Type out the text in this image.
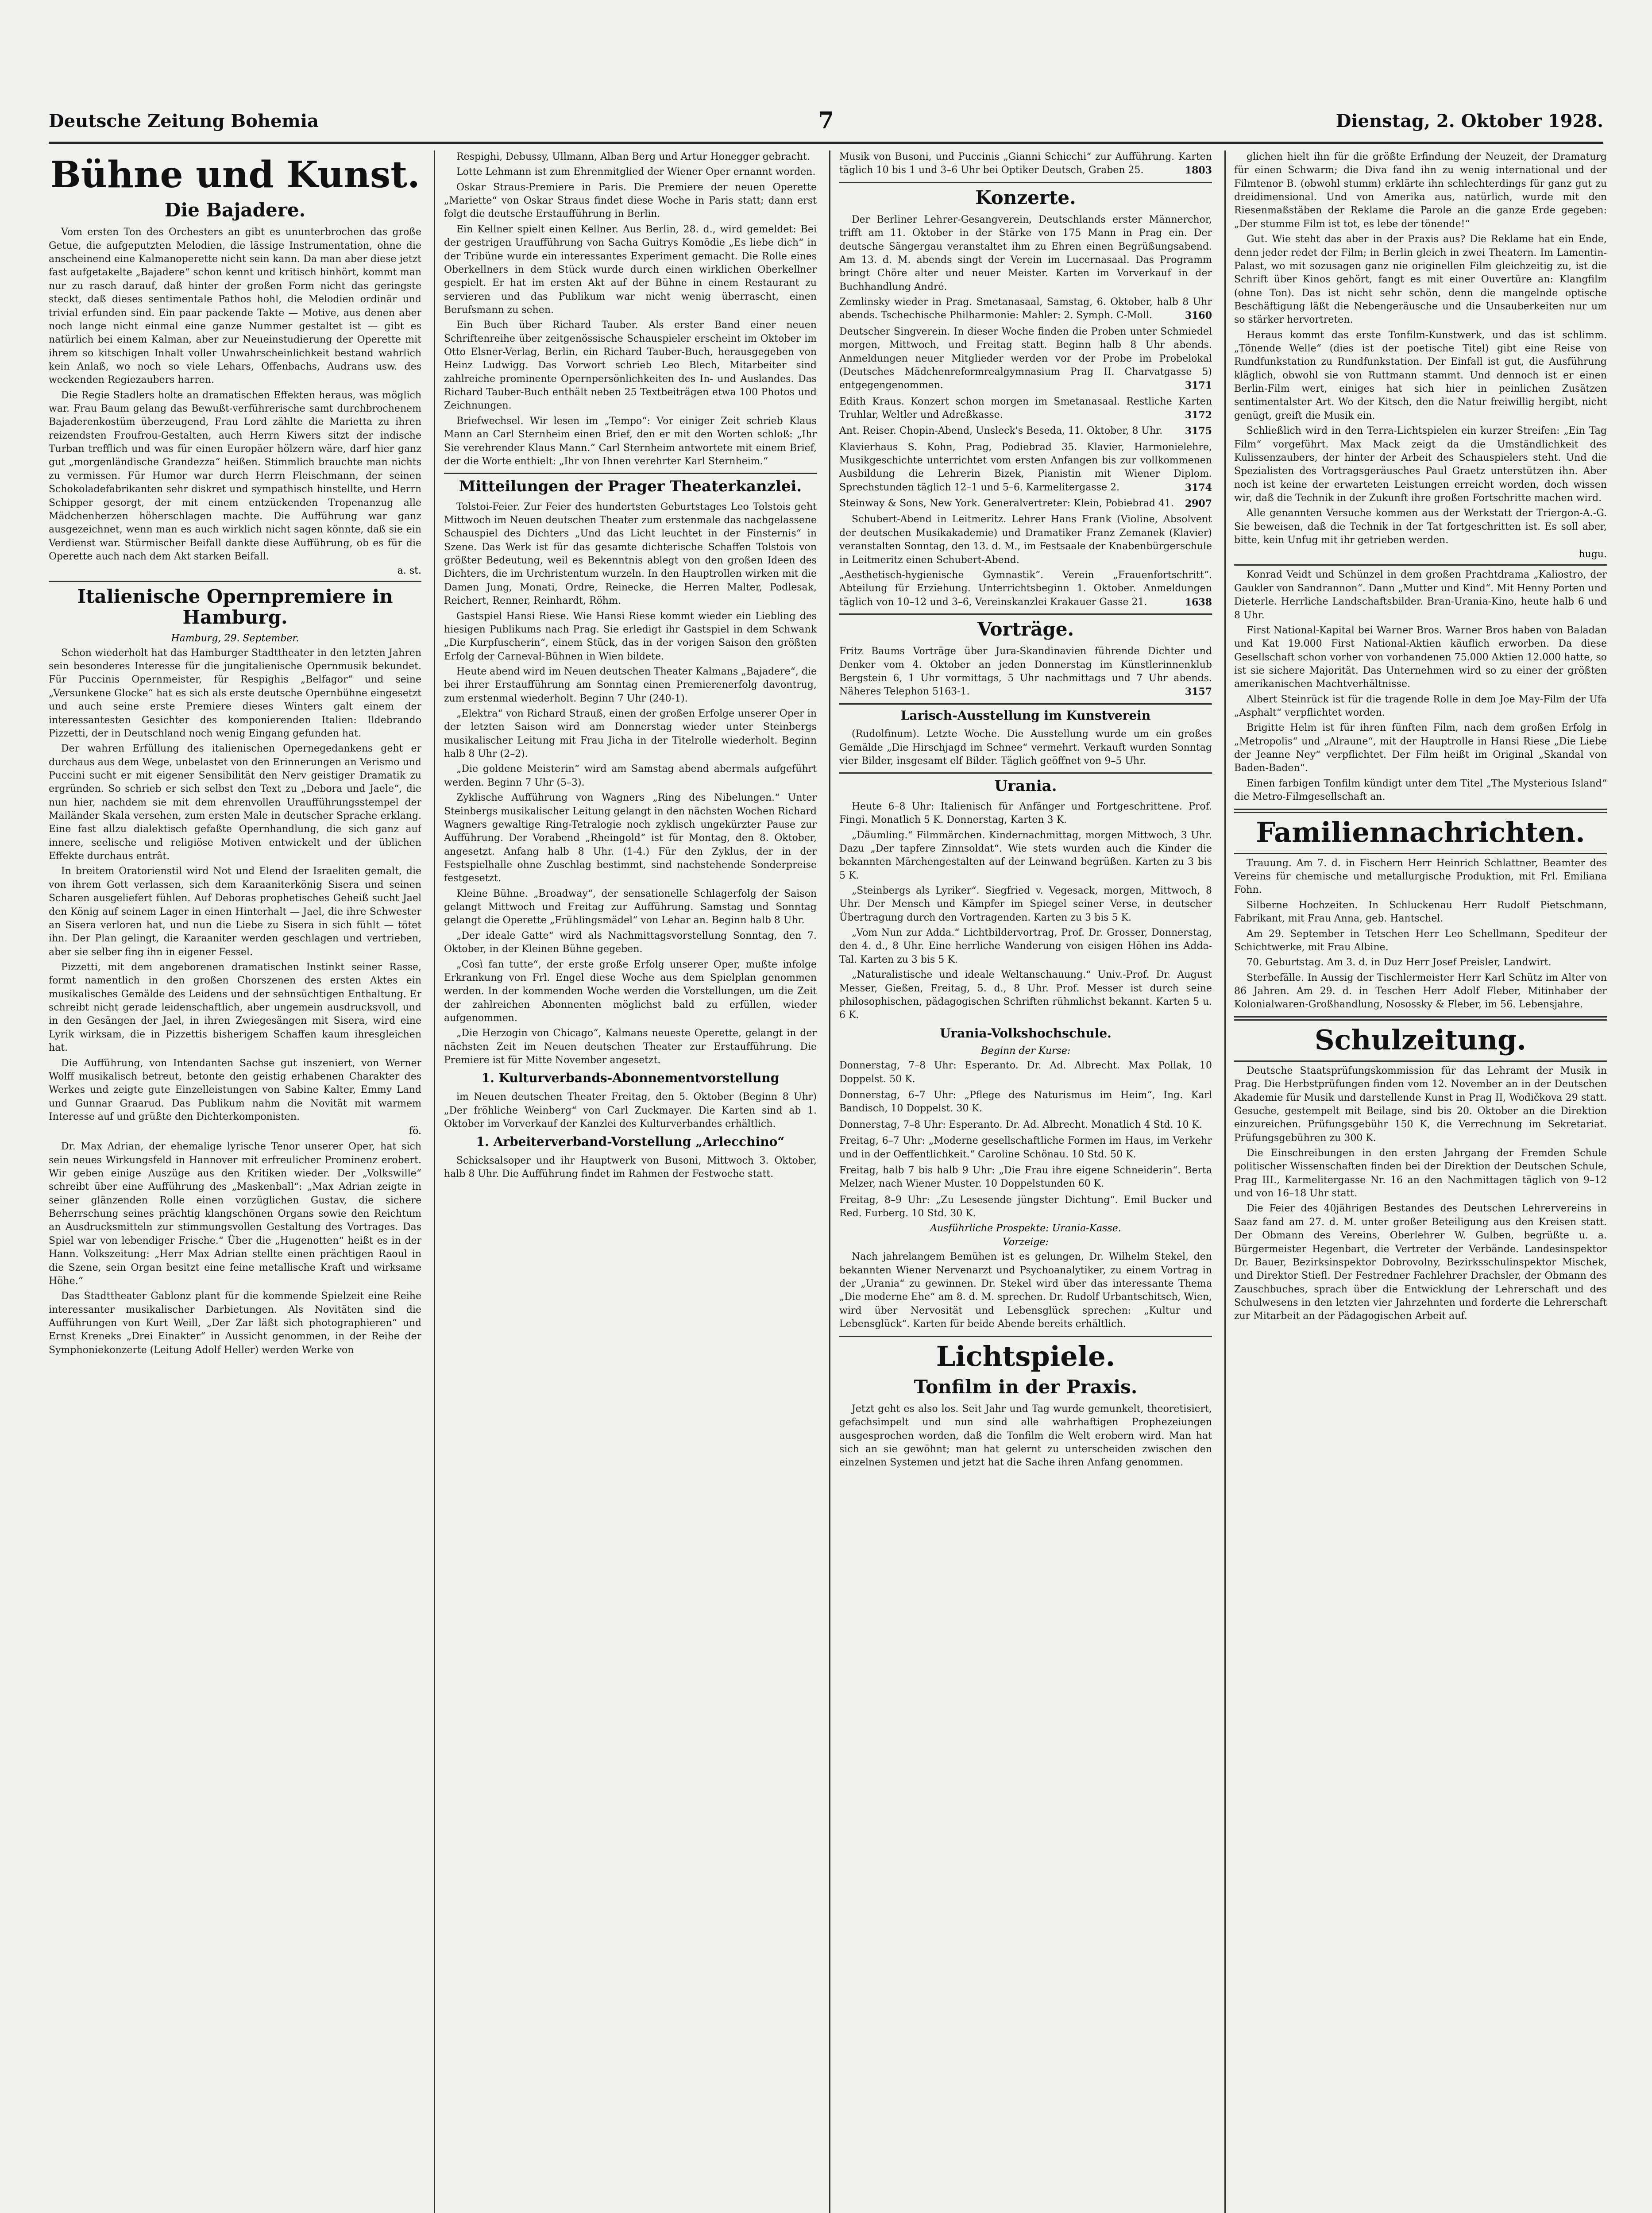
Deutsche Zeitung Bohemia	7	Dienstag, 2. Oktober 1928.
Bühne und Kunst.
Die Bajadere.

Vom ersten Ton des Orchesters an gibt es ununterbrochen das große Getue, die aufgeputzten Melodien, die lässige Instrumentation, ohne die anscheinend eine Kalmanoperette nicht sein kann. Da man aber diese jetzt fast aufgetakelte „Bajadere“ schon kennt und kritisch hinhört, kommt man nur zu rasch darauf, daß hinter der großen Form nicht das geringste steckt, daß dieses sentimentale Pathos hohl, die Melodien ordinär und trivial erfunden sind. Ein paar packende Takte — Motive, aus denen aber noch lange nicht einmal eine ganze Nummer gestaltet ist — gibt es natürlich bei einem Kalman, aber zur Neueinstudierung der Operette mit ihrem so kitschigen Inhalt voller Unwahrscheinlichkeit bestand wahrlich kein Anlaß, wo noch so viele Lehars, Offenbachs, Audrans usw. des weckenden Regiezaubers harren.

Die Regie Stadlers holte an dramatischen Effekten heraus, was möglich war. Frau Baum gelang das Bewußt-verführerische samt durchbrochenem Bajaderenkostüm überzeugend, Frau Lord zählte die Marietta zu ihren reizendsten Froufrou-Gestalten, auch Herrn Kiwers sitzt der indische Turban trefflich und was für einen Europäer hölzern wäre, darf hier ganz gut „morgenländische Grandezza“ heißen. Stimmlich brauchte man nichts zu vermissen. Für Humor war durch Herrn Fleischmann, der seinen Schokoladefabrikanten sehr diskret und sympathisch hinstellte, und Herrn Schipper gesorgt, der mit einem entzückenden Tropenanzug alle Mädchenherzen höherschlagen machte. Die Aufführung war ganz ausgezeichnet, wenn man es auch wirklich nicht sagen könnte, daß sie ein Verdienst war. Stürmischer Beifall dankte diese Aufführung, ob es für die Operette auch nach dem Akt starken Beifall.

a. st.
Italienische Opernpremiere in Hamburg.
Hamburg, 29. September.

Schon wiederholt hat das Hamburger Stadttheater in den letzten Jahren sein besonderes Interesse für die jungitalienische Opernmusik bekundet. Für Puccinis Opernmeister, für Respighis „Belfagor“ und seine „Versunkene Glocke“ hat es sich als erste deutsche Opernbühne eingesetzt und auch seine erste Premiere dieses Winters galt einem der interessantesten Gesichter des komponierenden Italien: Ildebrando Pizzetti, der in Deutschland noch wenig Eingang gefunden hat.

Der wahren Erfüllung des italienischen Opernegedankens geht er durchaus aus dem Wege, unbelastet von den Erinnerungen an Verismo und Puccini sucht er mit eigener Sensibilität den Nerv geistiger Dramatik zu ergründen. So schrieb er sich selbst den Text zu „Debora und Jaele“, die nun hier, nachdem sie mit dem ehrenvollen Uraufführungsstempel der Mailänder Skala versehen, zum ersten Male in deutscher Sprache erklang. Eine fast allzu dialektisch gefaßte Opernhandlung, die sich ganz auf innere, seelische und religiöse Motiven entwickelt und der üblichen Effekte durchaus entrât.

In breitem Oratorienstil wird Not und Elend der Israeliten gemalt, die von ihrem Gott verlassen, sich dem Karaaniterkönig Sisera und seinen Scharen ausgeliefert fühlen. Auf Deboras prophetisches Geheiß sucht Jael den König auf seinem Lager in einen Hinterhalt — Jael, die ihre Schwester an Sisera verloren hat, und nun die Liebe zu Sisera in sich fühlt — tötet ihn. Der Plan gelingt, die Karaaniter werden geschlagen und vertrieben, aber sie selber fing ihn in eigener Fessel.

Pizzetti, mit dem angeborenen dramatischen Instinkt seiner Rasse, formt namentlich in den großen Chorszenen des ersten Aktes ein musikalisches Gemälde des Leidens und der sehnsüchtigen Enthaltung. Er schreibt nicht gerade leidenschaftlich, aber ungemein ausdrucksvoll, und in den Gesängen der Jael, in ihren Zwiegesängen mit Sisera, wird eine Lyrik wirksam, die in Pizzettis bisherigem Schaffen kaum ihresgleichen hat.

Die Aufführung, von Intendanten Sachse gut inszeniert, von Werner Wolff musikalisch betreut, betonte den geistig erhabenen Charakter des Werkes und zeigte gute Einzelleistungen von Sabine Kalter, Emmy Land und Gunnar Graarud. Das Publikum nahm die Novität mit warmem Interesse auf und grüßte den Dichterkomponisten.

fö.

Dr. Max Adrian, der ehemalige lyrische Tenor unserer Oper, hat sich sein neues Wirkungsfeld in Hannover mit erfreulicher Prominenz erobert. Wir geben einige Auszüge aus den Kritiken wieder. Der „Volkswille“ schreibt über eine Aufführung des „Maskenball“: „Max Adrian zeigte in seiner glänzenden Rolle einen vorzüglichen Gustav, die sichere Beherrschung seines prächtig klangschönen Organs sowie den Reichtum an Ausdrucksmitteln zur stimmungsvollen Gestaltung des Vortrages. Das Spiel war von lebendiger Frische.“ Über die „Hugenotten“ heißt es in der Hann. Volkszeitung: „Herr Max Adrian stellte einen prächtigen Raoul in die Szene, sein Organ besitzt eine feine metallische Kraft und wirksame Höhe.“

Das Stadttheater Gablonz plant für die kommende Spielzeit eine Reihe interessanter musikalischer Darbietungen. Als Novitäten sind die Aufführungen von Kurt Weill, „Der Zar läßt sich photographieren“ und Ernst Kreneks „Drei Einakter“ in Aussicht genommen, in der Reihe der Symphoniekonzerte (Leitung Adolf Heller) werden Werke von

Respighi, Debussy, Ullmann, Alban Berg und Artur Honegger gebracht.

Lotte Lehmann ist zum Ehrenmitglied der Wiener Oper ernannt worden.

Oskar Straus-Premiere in Paris. Die Premiere der neuen Operette „Mariette“ von Oskar Straus findet diese Woche in Paris statt; dann erst folgt die deutsche Erstaufführung in Berlin.

Ein Kellner spielt einen Kellner. Aus Berlin, 28. d., wird gemeldet: Bei der gestrigen Uraufführung von Sacha Guitrys Komödie „Es liebe dich“ in der Tribüne wurde ein interessantes Experiment gemacht. Die Rolle eines Oberkellners in dem Stück wurde durch einen wirklichen Oberkellner gespielt. Er hat im ersten Akt auf der Bühne in einem Restaurant zu servieren und das Publikum war nicht wenig überrascht, einen Berufsmann zu sehen.

Ein Buch über Richard Tauber. Als erster Band einer neuen Schriftenreihe über zeitgenössische Schauspieler erscheint im Oktober im Otto Elsner-Verlag, Berlin, ein Richard Tauber-Buch, herausgegeben von Heinz Ludwigg. Das Vorwort schrieb Leo Blech, Mitarbeiter sind zahlreiche prominente Opernpersönlichkeiten des In- und Auslandes. Das Richard Tauber-Buch enthält neben 25 Textbeiträgen etwa 100 Photos und Zeichnungen.

Briefwechsel. Wir lesen im „Tempo“: Vor einiger Zeit schrieb Klaus Mann an Carl Sternheim einen Brief, den er mit den Worten schloß: „Ihr Sie verehrender Klaus Mann.“ Carl Sternheim antwortete mit einem Brief, der die Worte enthielt: „Ihr von Ihnen verehrter Karl Sternheim.“

Mitteilungen der Prager Theaterkanzlei.

Tolstoi-Feier. Zur Feier des hundertsten Geburtstages Leo Tolstois geht Mittwoch im Neuen deutschen Theater zum erstenmale das nachgelassene Schauspiel des Dichters „Und das Licht leuchtet in der Finsternis“ in Szene. Das Werk ist für das gesamte dichterische Schaffen Tolstois von größter Bedeutung, weil es Bekenntnis ablegt von den großen Ideen des Dichters, die im Urchristentum wurzeln. In den Hauptrollen wirken mit die Damen Jung, Monati, Ordre, Reinecke, die Herren Malter, Podlesak, Reichert, Renner, Reinhardt, Röhm.

Gastspiel Hansi Riese. Wie Hansi Riese kommt wieder ein Liebling des hiesigen Publikums nach Prag. Sie erledigt ihr Gastspiel in dem Schwank „Die Kurpfuscherin“, einem Stück, das in der vorigen Saison den größten Erfolg der Carneval-Bühnen in Wien bildete.

Heute abend wird im Neuen deutschen Theater Kalmans „Bajadere“, die bei ihrer Erstaufführung am Sonntag einen Premierenerfolg davontrug, zum erstenmal wiederholt. Beginn 7 Uhr (240-1).

„Elektra“ von Richard Strauß, einen der großen Erfolge unserer Oper in der letzten Saison wird am Donnerstag wieder unter Steinbergs musikalischer Leitung mit Frau Jicha in der Titelrolle wiederholt. Beginn halb 8 Uhr (2–2).

„Die goldene Meisterin“ wird am Samstag abend abermals aufgeführt werden. Beginn 7 Uhr (5–3).

Zyklische Aufführung von Wagners „Ring des Nibelungen.“ Unter Steinbergs musikalischer Leitung gelangt in den nächsten Wochen Richard Wagners gewaltige Ring-Tetralogie noch zyklisch ungekürzter Pause zur Aufführung. Der Vorabend „Rheingold“ ist für Montag, den 8. Oktober, angesetzt. Anfang halb 8 Uhr. (1-4.) Für den Zyklus, der in der Festspielhalle ohne Zuschlag bestimmt, sind nachstehende Sonderpreise festgesetzt.

Kleine Bühne. „Broadway“, der sensationelle Schlagerfolg der Saison gelangt Mittwoch und Freitag zur Aufführung. Samstag und Sonntag gelangt die Operette „Frühlingsmädel“ von Lehar an. Beginn halb 8 Uhr.

„Der ideale Gatte“ wird als Nachmittagsvorstellung Sonntag, den 7. Oktober, in der Kleinen Bühne gegeben.

„Così fan tutte“, der erste große Erfolg unserer Oper, mußte infolge Erkrankung von Frl. Engel diese Woche aus dem Spielplan genommen werden. In der kommenden Woche werden die Vorstellungen, um die Zeit der zahlreichen Abonnenten möglichst bald zu erfüllen, wieder aufgenommen.

„Die Herzogin von Chicago“, Kalmans neueste Operette, gelangt in der nächsten Zeit im Neuen deutschen Theater zur Erstaufführung. Die Premiere ist für Mitte November angesetzt.

1. Kulturverbands-Abonnementvorstellung

im Neuen deutschen Theater Freitag, den 5. Oktober (Beginn 8 Uhr) „Der fröhliche Weinberg“ von Carl Zuckmayer. Die Karten sind ab 1. Oktober im Vorverkauf der Kanzlei des Kulturverbandes erhältlich.

1. Arbeiterverband-Vorstellung „Arlecchino“

Schicksalsoper und ihr Hauptwerk von Busoni, Mittwoch 3. Oktober, halb 8 Uhr. Die Aufführung findet im Rahmen der Festwoche statt.

Musik von Busoni, und Puccinis „Gianni Schicchi“ zur Aufführung. Karten täglich 10 bis 1 und 3–6 Uhr bei Optiker Deutsch, Graben 25.	1803

Konzerte.

Der Berliner Lehrer-Gesangverein, Deutschlands erster Männerchor, trifft am 11. Oktober in der Stärke von 175 Mann in Prag ein. Der deutsche Sängergau veranstaltet ihm zu Ehren einen Begrüßungsabend. Am 13. d. M. abends singt der Verein im Lucernasaal. Das Programm bringt Chöre alter und neuer Meister. Karten im Vorverkauf in der Buchhandlung André.

Zemlinsky wieder in Prag. Smetanasaal, Samstag, 6. Oktober, halb 8 Uhr abends. Tschechische Philharmonie: Mahler: 2. Symph. C-Moll.	3160

Deutscher Singverein. In dieser Woche finden die Proben unter Schmiedel morgen, Mittwoch, und Freitag statt. Beginn halb 8 Uhr abends. Anmeldungen neuer Mitglieder werden vor der Probe im Probelokal (Deutsches Mädchenreformrealgymnasium Prag II. Charvatgasse 5) entgegengenommen.	3171

Edith Kraus. Konzert schon morgen im Smetanasaal. Restliche Karten Truhlar, Weltler und Adreßkasse.	3172

Ant. Reiser. Chopin-Abend, Unsleck's Beseda, 11. Oktober, 8 Uhr. 3175

Klavierhaus S. Kohn, Prag, Podiebrad 35. Klavier, Harmonielehre, Musikgeschichte unterrichtet vom ersten Anfangen bis zur vollkommenen Ausbildung die Lehrerin Bizek, Pianistin mit Wiener Diplom. Sprechstunden täglich 12–1 und 5–6. Karmelitergasse 2.	3174

Steinway & Sons, New York. Generalvertreter: Klein, Pobiebrad 41. 2907

Schubert-Abend in Leitmeritz. Lehrer Hans Frank (Violine, Absolvent der deutschen Musikakademie) und Dramatiker Franz Zemanek (Klavier) veranstalten Sonntag, den 13. d. M., im Festsaale der Knabenbürgerschule in Leitmeritz einen Schubert-Abend.

„Aesthetisch-hygienische Gymnastik“. Verein „Frauenfortschritt“. Abteilung für Erziehung. Unterrichtsbeginn 1. Oktober. Anmeldungen täglich von 10–12 und 3–6, Vereinskanzlei Krakauer Gasse 21.	1638

Vorträge.

Fritz Baums Vorträge über Jura-Skandinavien führende Dichter und Denker vom 4. Oktober an jeden Donnerstag im Künstlerinnenklub Bergstein 6, 1 Uhr vormittags, 5 Uhr nachmittags und 7 Uhr abends. Näheres Telephon 5163-1.	3157

Larisch-Ausstellung im Kunstverein

(Rudolfinum). Letzte Woche. Die Ausstellung wurde um ein großes Gemälde „Die Hirschjagd im Schnee“ vermehrt. Verkauft wurden Sonntag vier Bilder, insgesamt elf Bilder. Täglich geöffnet von 9–5 Uhr.

Urania.

Heute 6–8 Uhr: Italienisch für Anfänger und Fortgeschrittene. Prof. Fingi. Monatlich 5 K. Donnerstag, Karten 3 K.

„Däumling.“ Filmmärchen. Kindernachmittag, morgen Mittwoch, 3 Uhr. Dazu „Der tapfere Zinnsoldat“. Wie stets wurden auch die Kinder die bekannten Märchengestalten auf der Leinwand begrüßen. Karten zu 3 bis 5 K.

„Steinbergs als Lyriker“. Siegfried v. Vegesack, morgen, Mittwoch, 8 Uhr. Der Mensch und Kämpfer im Spiegel seiner Verse, in deutscher Übertragung durch den Vortragenden. Karten zu 3 bis 5 K.

„Vom Nun zur Adda.“ Lichtbildervortrag, Prof. Dr. Grosser, Donnerstag, den 4. d., 8 Uhr. Eine herrliche Wanderung von eisigen Höhen ins Adda-Tal. Karten zu 3 bis 5 K.

„Naturalistische und ideale Weltanschauung.“ Univ.-Prof. Dr. August Messer, Gießen, Freitag, 5. d., 8 Uhr. Prof. Messer ist durch seine philosophischen, pädagogischen Schriften rühmlichst bekannt. Karten 5 u. 6 K.

Urania-Volkshochschule.
Beginn der Kurse:

Donnerstag, 7–8 Uhr: Esperanto. Dr. Ad. Albrecht. Max Pollak, 10 Doppelst. 50 K.

Donnerstag, 6–7 Uhr: „Pflege des Naturismus im Heim“, Ing. Karl Bandisch, 10 Doppelst. 30 K.

Donnerstag, 7–8 Uhr: Esperanto. Dr. Ad. Albrecht. Monatlich 4 Std. 10 K.

Freitag, 6–7 Uhr: „Moderne gesellschaftliche Formen im Haus, im Verkehr und in der Oeffentlichkeit.“ Caroline Schönau. 10 Std. 50 K.

Freitag, halb 7 bis halb 9 Uhr: „Die Frau ihre eigene Schneiderin“. Berta Melzer, nach Wiener Muster. 10 Doppelstunden 60 K.

Freitag, 8–9 Uhr: „Zu Lesesende jüngster Dichtung“. Emil Bucker und Red. Furberg. 10 Std. 30 K.

Ausführliche Prospekte: Urania-Kasse.
Vorzeige:

Nach jahrelangem Bemühen ist es gelungen, Dr. Wilhelm Stekel, den bekannten Wiener Nervenarzt und Psychoanalytiker, zu einem Vortrag in der „Urania“ zu gewinnen. Dr. Stekel wird über das interessante Thema „Die moderne Ehe“ am 8. d. M. sprechen. Dr. Rudolf Urbantschitsch, Wien, wird über Nervosität und Lebensglück sprechen: „Kultur und Lebensglück“. Karten für beide Abende bereits erhältlich.

Lichtspiele.
Tonfilm in der Praxis.

Jetzt geht es also los. Seit Jahr und Tag wurde gemunkelt, theoretisiert, gefachsimpelt und nun sind alle wahrhaftigen Prophezeiungen ausgesprochen worden, daß die Tonfilm die Welt erobern wird. Man hat sich an sie gewöhnt; man hat gelernt zu unterscheiden zwischen den einzelnen Systemen und jetzt hat die Sache ihren Anfang genommen.

glichen hielt ihn für die größte Erfindung der Neuzeit, der Dramaturg für einen Schwarm; die Diva fand ihn zu wenig international und der Filmtenor B. (obwohl stumm) erklärte ihn schlechterdings für ganz gut zu dreidimensional. Und von Amerika aus, natürlich, wurde mit den Riesenmaßstäben der Reklame die Parole an die ganze Erde gegeben: „Der stumme Film ist tot, es lebe der tönende!“

Gut. Wie steht das aber in der Praxis aus? Die Reklame hat ein Ende, denn jeder redet der Film; in Berlin gleich in zwei Theatern. Im Lamentin-Palast, wo mit sozusagen ganz nie originellen Film gleichzeitig zu, ist die Schrift über Kinos gehört, fangt es mit einer Ouvertüre an: Klangfilm (ohne Ton). Das ist nicht sehr schön, denn die mangelnde optische Beschäftigung läßt die Nebengeräusche und die Unsauberkeiten nur um so stärker hervortreten.

Heraus kommt das erste Tonfilm-Kunstwerk, und das ist schlimm. „Tönende Welle“ (dies ist der poetische Titel) gibt eine Reise von Rundfunkstation zu Rundfunkstation. Der Einfall ist gut, die Ausführung kläglich, obwohl sie von Ruttmann stammt. Und dennoch ist er einen Berlin-Film wert, einiges hat sich hier in peinlichen Zusätzen sentimentalster Art. Wo der Kitsch, den die Natur freiwillig hergibt, nicht genügt, greift die Musik ein.

Schließlich wird in den Terra-Lichtspielen ein kurzer Streifen: „Ein Tag Film“ vorgeführt. Max Mack zeigt da die Umständlichkeit des Kulissenzaubers, der hinter der Arbeit des Schauspielers steht. Und die Spezialisten des Vortragsgeräusches Paul Graetz unterstützen ihn. Aber noch ist keine der erwarteten Leistungen erreicht worden, doch wissen wir, daß die Technik in der Zukunft ihre großen Fortschritte machen wird.

Alle genannten Versuche kommen aus der Werkstatt der Triergon-A.-G. Sie beweisen, daß die Technik in der Tat fortgeschritten ist. Es soll aber, bitte, kein Unfug mit ihr getrieben werden.

hugu.

Konrad Veidt und Schünzel in dem großen Prachtdrama „Kaliostro, der Gaukler von Sandrannon“. Dann „Mutter und Kind“. Mit Henny Porten und Dieterle. Herrliche Landschaftsbilder. Bran-Urania-Kino, heute halb 6 und 8 Uhr.

First National-Kapital bei Warner Bros. Warner Bros haben von Baladan und Kat 19.000 First National-Aktien käuflich erworben. Da diese Gesellschaft schon vorher von vorhandenen 75.000 Aktien 12.000 hatte, so ist sie sichere Majorität. Das Unternehmen wird so zu einer der größten amerikanischen Machtverhältnisse.

Albert Steinrück ist für die tragende Rolle in dem Joe May-Film der Ufa „Asphalt“ verpflichtet worden.

Brigitte Helm ist für ihren fünften Film, nach dem großen Erfolg in „Metropolis“ und „Alraune“, mit der Hauptrolle in Hansi Riese „Die Liebe der Jeanne Ney“ verpflichtet. Der Film heißt im Original „Skandal von Baden-Baden“.

Einen farbigen Tonfilm kündigt unter dem Titel „The Mysterious Island“ die Metro-Filmgesellschaft an.

Familiennachrichten.

Trauung. Am 7. d. in Fischern Herr Heinrich Schlattner, Beamter des Vereins für chemische und metallurgische Produktion, mit Frl. Emiliana Fohn.

Silberne Hochzeiten. In Schluckenau Herr Rudolf Pietschmann, Fabrikant, mit Frau Anna, geb. Hantschel.

Am 29. September in Tetschen Herr Leo Schellmann, Spediteur der Schichtwerke, mit Frau Albine.

70. Geburtstag. Am 3. d. in Duz Herr Josef Preisler, Landwirt.

Sterbefälle. In Aussig der Tischlermeister Herr Karl Schütz im Alter von 86 Jahren. Am 29. d. in Teschen Herr Adolf Fleber, Mitinhaber der Kolonialwaren-Großhandlung, Nosossky & Fleber, im 56. Lebensjahre.

Schulzeitung.

Deutsche Staatsprüfungskommission für das Lehramt der Musik in Prag. Die Herbstprüfungen finden vom 12. November an in der Deutschen Akademie für Musik und darstellende Kunst in Prag II, Wodičkova 29 statt. Gesuche, gestempelt mit Beilage, sind bis 20. Oktober an die Direktion einzureichen. Prüfungsgebühr 150 K, die Verrechnung im Sekretariat. Prüfungsgebühren zu 300 K.

Die Einschreibungen in den ersten Jahrgang der Fremden Schule politischer Wissenschaften finden bei der Direktion der Deutschen Schule, Prag III., Karmelitergasse Nr. 16 an den Nachmittagen täglich von 9–12 und von 16–18 Uhr statt.

Die Feier des 40jährigen Bestandes des Deutschen Lehrervereins in Saaz fand am 27. d. M. unter großer Beteiligung aus den Kreisen statt. Der Obmann des Vereins, Oberlehrer W. Gulben, begrüßte u. a. Bürgermeister Hegenbart, die Vertreter der Verbände. Landesinspektor Dr. Bauer, Bezirksinspektor Dobrovolny, Bezirksschulinspektor Mischek, und Direktor Stiefl. Der Festredner Fachlehrer Drachsler, der Obmann des Zauschbuches, sprach über die Entwicklung der Lehrerschaft und des Schulwesens in den letzten vier Jahrzehnten und forderte die Lehrerschaft zur Mitarbeit an der Pädagogischen Arbeit auf.
